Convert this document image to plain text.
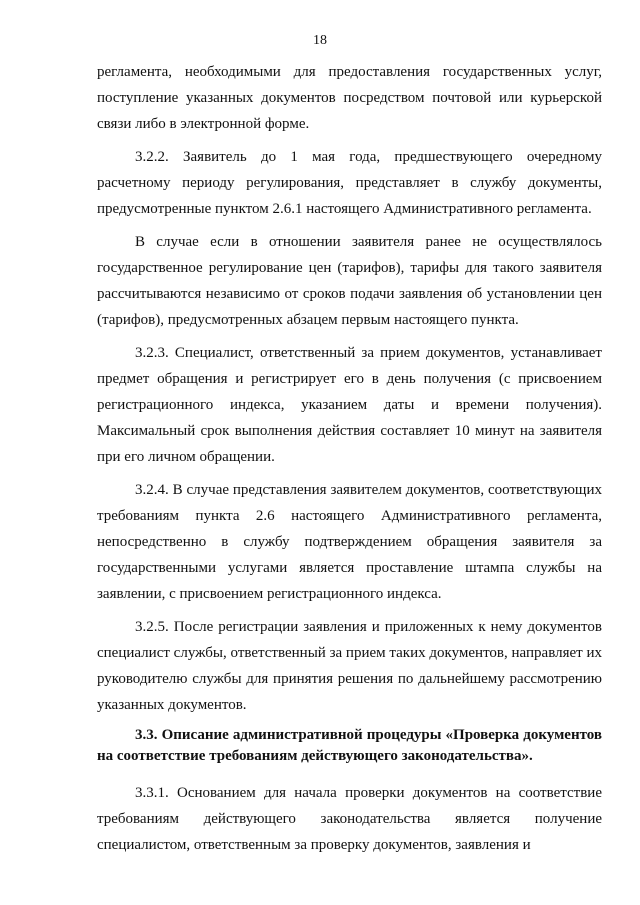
18

регламента, необходимыми для предоставления государственных услуг, поступление указанных документов посредством почтовой или курьерской связи либо в электронной форме.

3.2.2. Заявитель до 1 мая года, предшествующего очередному расчетному периоду регулирования, представляет в службу документы, предусмотренные пунктом 2.6.1 настоящего Административного регламента.

В случае если в отношении заявителя ранее не осуществлялось государственное регулирование цен (тарифов), тарифы для такого заявителя рассчитываются независимо от сроков подачи заявления об установлении цен (тарифов), предусмотренных абзацем первым настоящего пункта.

3.2.3. Специалист, ответственный за прием документов, устанавливает предмет обращения и регистрирует его в день получения (с присвоением регистрационного индекса, указанием даты и времени получения). Максимальный срок выполнения действия составляет 10 минут на заявителя при его личном обращении.

3.2.4. В случае представления заявителем документов, соответствующих требованиям пункта 2.6 настоящего Административного регламента, непосредственно в службу подтверждением обращения заявителя за государственными услугами является проставление штампа службы на заявлении, с присвоением регистрационного индекса.

3.2.5. После регистрации заявления и приложенных к нему документов специалист службы, ответственный за прием таких документов, направляет их руководителю службы для принятия решения по дальнейшему рассмотрению указанных документов.

3.3. Описание административной процедуры «Проверка документов на соответствие требованиям действующего законодательства».

3.3.1. Основанием для начала проверки документов на соответствие требованиям действующего законодательства является получение специалистом, ответственным за проверку документов, заявления и
